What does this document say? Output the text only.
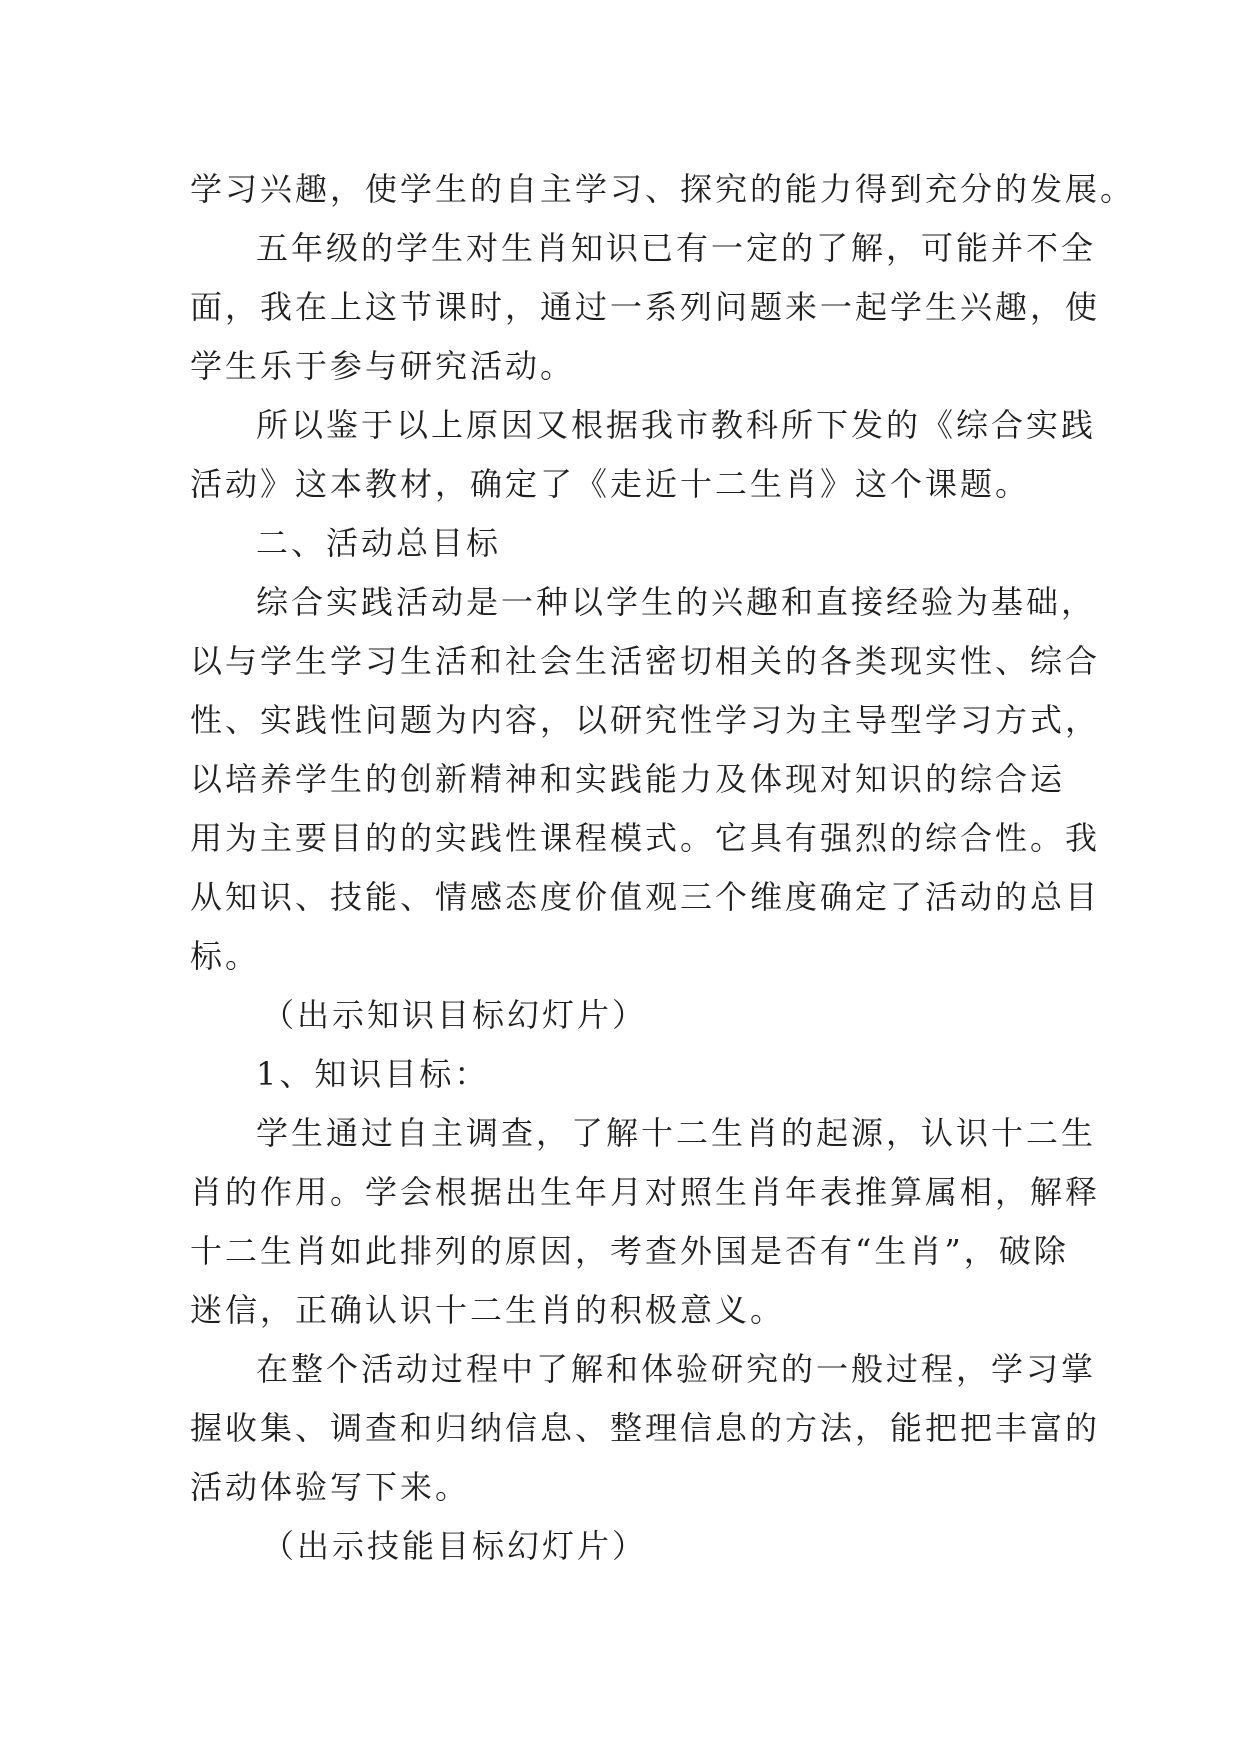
学习兴趣，使学生的自主学习、探究的能力得到充分的发展。
五年级的学生对生肖知识已有一定的了解，可能并不全
面，我在上这节课时，通过一系列问题来一起学生兴趣，使
学生乐于参与研究活动。
所以鉴于以上原因又根据我市教科所下发的《综合实践
活动》这本教材，确定了《走近十二生肖》这个课题。
二、活动总目标
综合实践活动是一种以学生的兴趣和直接经验为基础，
以与学生学习生活和社会生活密切相关的各类现实性、综合
性、实践性问题为内容，以研究性学习为主导型学习方式，
以培养学生的创新精神和实践能力及体现对知识的综合运
用为主要目的的实践性课程模式。它具有强烈的综合性。我
从知识、技能、情感态度价值观三个维度确定了活动的总目
标。
（出示知识目标幻灯片）
1、知识目标：
学生通过自主调查，了解十二生肖的起源，认识十二生
肖的作用。学会根据出生年月对照生肖年表推算属相，解释
十二生肖如此排列的原因，考查外国是否有“生肖”，破除
迷信，正确认识十二生肖的积极意义。
在整个活动过程中了解和体验研究的一般过程，学习掌
握收集、调查和归纳信息、整理信息的方法，能把把丰富的
活动体验写下来。
（出示技能目标幻灯片）
